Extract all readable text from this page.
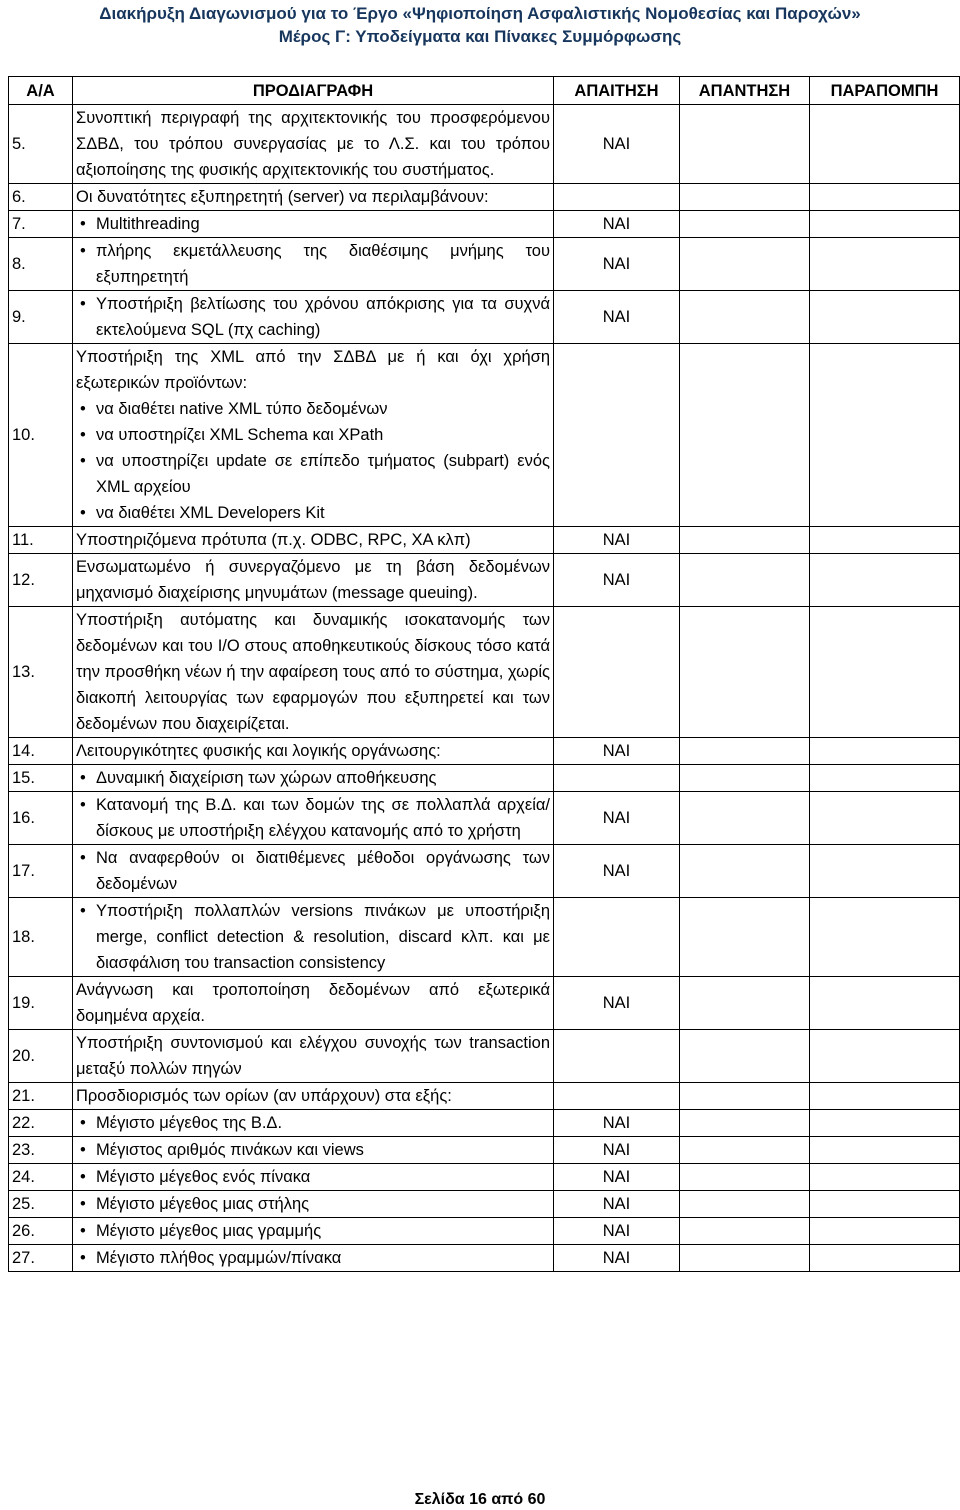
Διακήρυξη Διαγωνισμού για το Έργο «Ψηφιοποίηση Ασφαλιστικής Νομοθεσίας και Παροχών»
Μέρος Γ: Υποδείγματα και Πίνακες Συμμόρφωσης
Α/Α	ΠΡΟΔΙΑΓΡΑΦΗ	ΑΠΑΙΤΗΣΗ	ΑΠΑΝΤΗΣΗ	ΠΑΡΑΠΟΜΠΗ
5.	Συνοπτική περιγραφή της αρχιτεκτονικής του προσφερόμενου ΣΔΒΔ, του τρόπου συνεργασίας με το Λ.Σ. και του τρόπου αξιοποίησης της φυσικής αρχιτεκτονικής του συστήματος.	ΝΑΙ		
6.	Οι δυνατότητες εξυπηρετητή (server) να περιλαμβάνουν:			
7.	• Multithreading	ΝΑΙ		
8.	• πλήρης εκμετάλλευσης της διαθέσιμης μνήμης του εξυπηρετητή	ΝΑΙ		
9.	• Υποστήριξη βελτίωσης του χρόνου απόκρισης για τα συχνά εκτελούμενα SQL (πχ caching)	ΝΑΙ		
10.	Υποστήριξη της XML από την ΣΔΒΔ με ή και όχι χρήση εξωτερικών προϊόντων:
• να διαθέτει native XML τύπο δεδομένων
• να υποστηρίζει XML Schema και XPath
• να υποστηρίζει update σε επίπεδο τμήματος (subpart) ενός XML αρχείου
• να διαθέτει XML Developers Kit

11.	Υποστηριζόμενα πρότυπα (π.χ. ODBC, RPC, XA κλπ)	ΝΑΙ		
12.	Ενσωματωμένο ή συνεργαζόμενο με τη βάση δεδομένων μηχανισμό διαχείρισης μηνυμάτων (message queuing).	ΝΑΙ		
13.	Υποστήριξη αυτόματης και δυναμικής ισοκατανομής των δεδομένων και του I/O στους αποθηκευτικούς δίσκους τόσο κατά την προσθήκη νέων ή την αφαίρεση τους από το σύστημα, χωρίς διακοπή λειτουργίας των εφαρμογών που εξυπηρετεί και των δεδομένων που διαχειρίζεται.			
14.	Λειτουργικότητες φυσικής και λογικής οργάνωσης:	ΝΑΙ		
15.	• Δυναμική διαχείριση των χώρων αποθήκευσης

16.	• Κατανομή της Β.Δ. και των δομών της σε πολλαπλά αρχεία/δίσκους με υποστήριξη ελέγχου κατανομής από το χρήστη	ΝΑΙ		
17.	• Να αναφερθούν οι διατιθέμενες μέθοδοι οργάνωσης των δεδομένων	ΝΑΙ		
18.	• Υποστήριξη πολλαπλών versions πινάκων με υποστήριξη merge, conflict detection & resolution, discard κλπ. και με διασφάλιση του transaction consistency

19.	Ανάγνωση και τροποποίηση δεδομένων από εξωτερικά δομημένα αρχεία.	ΝΑΙ		
20.	Υποστήριξη συντονισμού και ελέγχου συνοχής των transaction μεταξύ πολλών πηγών			
21.	Προσδιορισμός των ορίων (αν υπάρχουν) στα εξής:			
22.	• Μέγιστο μέγεθος της Β.Δ.	ΝΑΙ		
23.	• Μέγιστος αριθμός πινάκων και views	ΝΑΙ		
24.	• Μέγιστο μέγεθος ενός πίνακα	ΝΑΙ		
25.	• Μέγιστο μέγεθος μιας στήλης	ΝΑΙ		
26.	• Μέγιστο μέγεθος μιας γραμμής	ΝΑΙ		
27.	• Μέγιστο πλήθος γραμμών/πίνακα	ΝΑΙ		
Σελίδα 16 από 60
